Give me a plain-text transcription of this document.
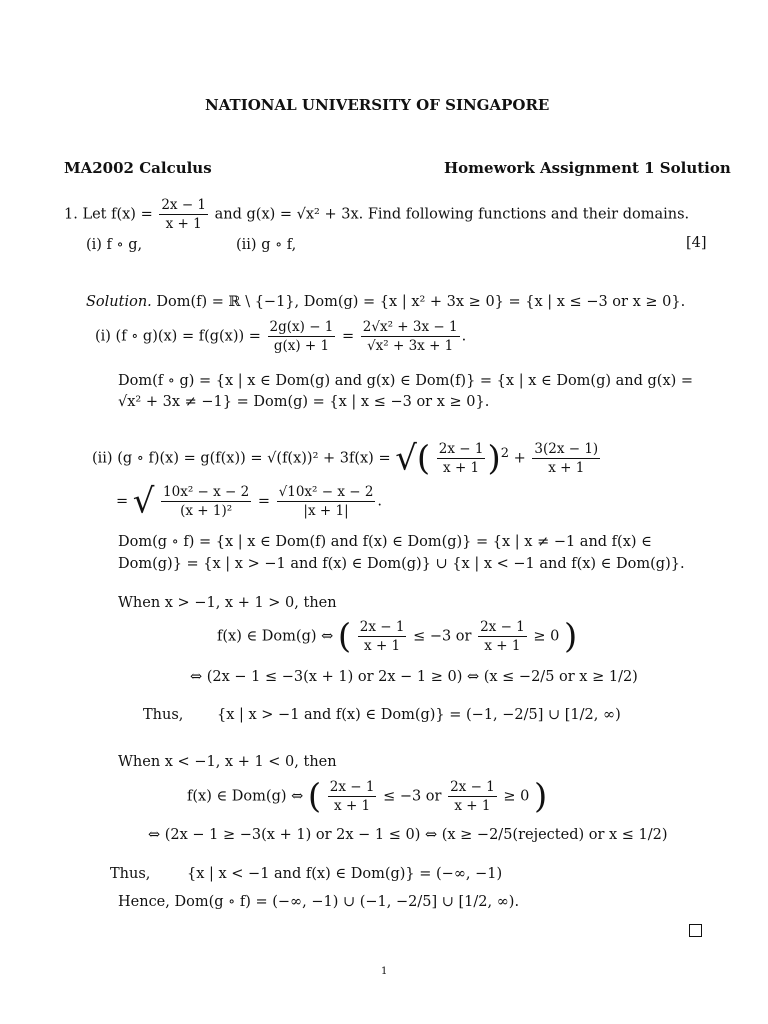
NATIONAL UNIVERSITY OF SINGAPORE
MA2002 Calculus	Homework Assignment 1 Solution
1. Let $f(x) = \frac{2x - 1}{x + 1}$ and g(x) = √x² + 3x. Find following functions and their domains.
(i) f ∘ g,	(ii) g ∘ f,	[4]
Solution. Dom(f) = ℝ \ {−1}, Dom(g) = {x | x² + 3x ≥ 0} = {x | x ≤ −3 or x ≥ 0}.
(i) (f ∘ $g)(x) = f(g(x)) = \frac{2g(x) - 1}{g(x) + 1} = \frac{\text{2√x² + 3x − 1}}{\text{√x² + 3x + 1}}$ .
Dom(f ∘ g) = {x | x ∈ Dom(g) and g(x) ∈ Dom(f)} = {x | x ∈ Dom(g) and g(x) =
√x² + 3x ≠ −1} = Dom(g) = {x | x ≤ −3 or x ≥ 0}.
(ii) (g ∘ f)(x) = g(f(x)) = √(f(x))² + 3f(x) = √( $\frac{2x - 1}{x + 1} )^2 + \frac{3(2x - 1)}{x + 1}$
= √ $\frac{\text{10x² − x − 2}}{\text{(x + 1)²}} = \frac{\text{√10x² − x − 2}}{|x + 1|}$ .
Dom(g ∘ f) = {x | x ∈ Dom(f) and f(x) ∈ Dom(g)} = {x | x ≠ −1 and f(x) ∈
Dom(g)} = {x | x > −1 and f(x) ∈ Dom(g)} ∪ {x | x < −1 and f(x) ∈ Dom(g)}.
When x > −1, x + 1 > 0, then
f(x) ∈ Dom(g) ⇔ ( $\frac{2x - 1}{x + 1} \le -3$ or $\frac{2x - 1}{x + 1} \ge 0$ )
⇔ (2x − 1 ≤ −3(x + 1) or 2x − 1 ≥ 0) ⇔ (x ≤ −2/5 or x ≥ 1/2)
Thus, {x | x > −1 and f(x) ∈ Dom(g)} = (−1, −2/5] ∪ [1/2, ∞)
When x < −1, x + 1 < 0, then
f(x) ∈ Dom(g) ⇔ ( $\frac{2x - 1}{x + 1} \le -3$ or $\frac{2x - 1}{x + 1} \ge 0$ )
⇔ (2x − 1 ≥ −3(x + 1) or 2x − 1 ≤ 0) ⇔ (x ≥ −2/5(rejected) or x ≤ 1/2)
Thus,	{x | x < −1 and f(x) ∈ Dom(g)} = (−∞, −1)
Hence, Dom(g ∘ f) = (−∞, −1) ∪ (−1, −2/5] ∪ [1/2, ∞).
1
